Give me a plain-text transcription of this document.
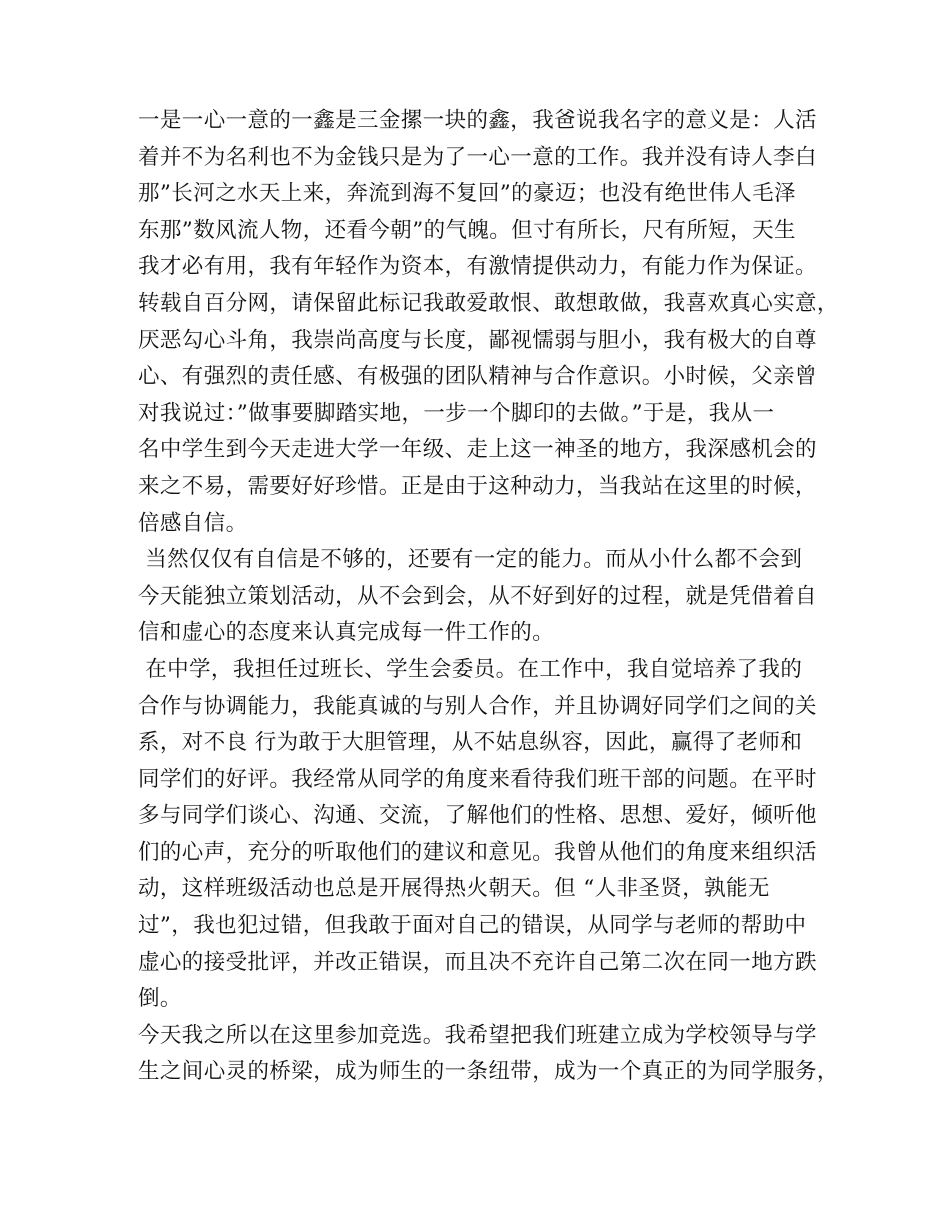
一是一心一意的一鑫是三金摞一块的鑫，我爸说我名字的意义是：人活
着并不为名利也不为金钱只是为了一心一意的工作。我并没有诗人李白
那”长河之水天上来，奔流到海不复回”的豪迈；也没有绝世伟人毛泽
东那”数风流人物，还看今朝”的气魄。但寸有所长，尺有所短，天生
我才必有用，我有年轻作为资本，有激情提供动力，有能力作为保证。
转载自百分网，请保留此标记我敢爱敢恨、敢想敢做，我喜欢真心实意，
厌恶勾心斗角，我崇尚高度与长度，鄙视懦弱与胆小，我有极大的自尊
心、有强烈的责任感、有极强的团队精神与合作意识。小时候，父亲曾
对我说过：”做事要脚踏实地，一步一个脚印的去做。”于是，我从一
名中学生到今天走进大学一年级、走上这一神圣的地方，我深感机会的
来之不易，需要好好珍惜。正是由于这种动力，当我站在这里的时候，
倍感自信。
当然仅仅有自信是不够的，还要有一定的能力。而从小什么都不会到
今天能独立策划活动，从不会到会，从不好到好的过程，就是凭借着自
信和虚心的态度来认真完成每一件工作的。
在中学，我担任过班长、学生会委员。在工作中，我自觉培养了我的
合作与协调能力，我能真诚的与别人合作，并且协调好同学们之间的关
系，对不良 行为敢于大胆管理，从不姑息纵容，因此，赢得了老师和
同学们的好评。我经常从同学的角度来看待我们班干部的问题。在平时
多与同学们谈心、沟通、交流，了解他们的性格、思想、爱好，倾听他
们的心声，充分的听取他们的建议和意见。我曾从他们的角度来组织活
动，这样班级活动也总是开展得热火朝天。但 “人非圣贤，孰能无
过”，我也犯过错，但我敢于面对自己的错误，从同学与老师的帮助中
虚心的接受批评，并改正错误，而且决不充许自己第二次在同一地方跌
倒。
今天我之所以在这里参加竞选。我希望把我们班建立成为学校领导与学
生之间心灵的桥梁，成为师生的一条纽带，成为一个真正的为同学服务，
